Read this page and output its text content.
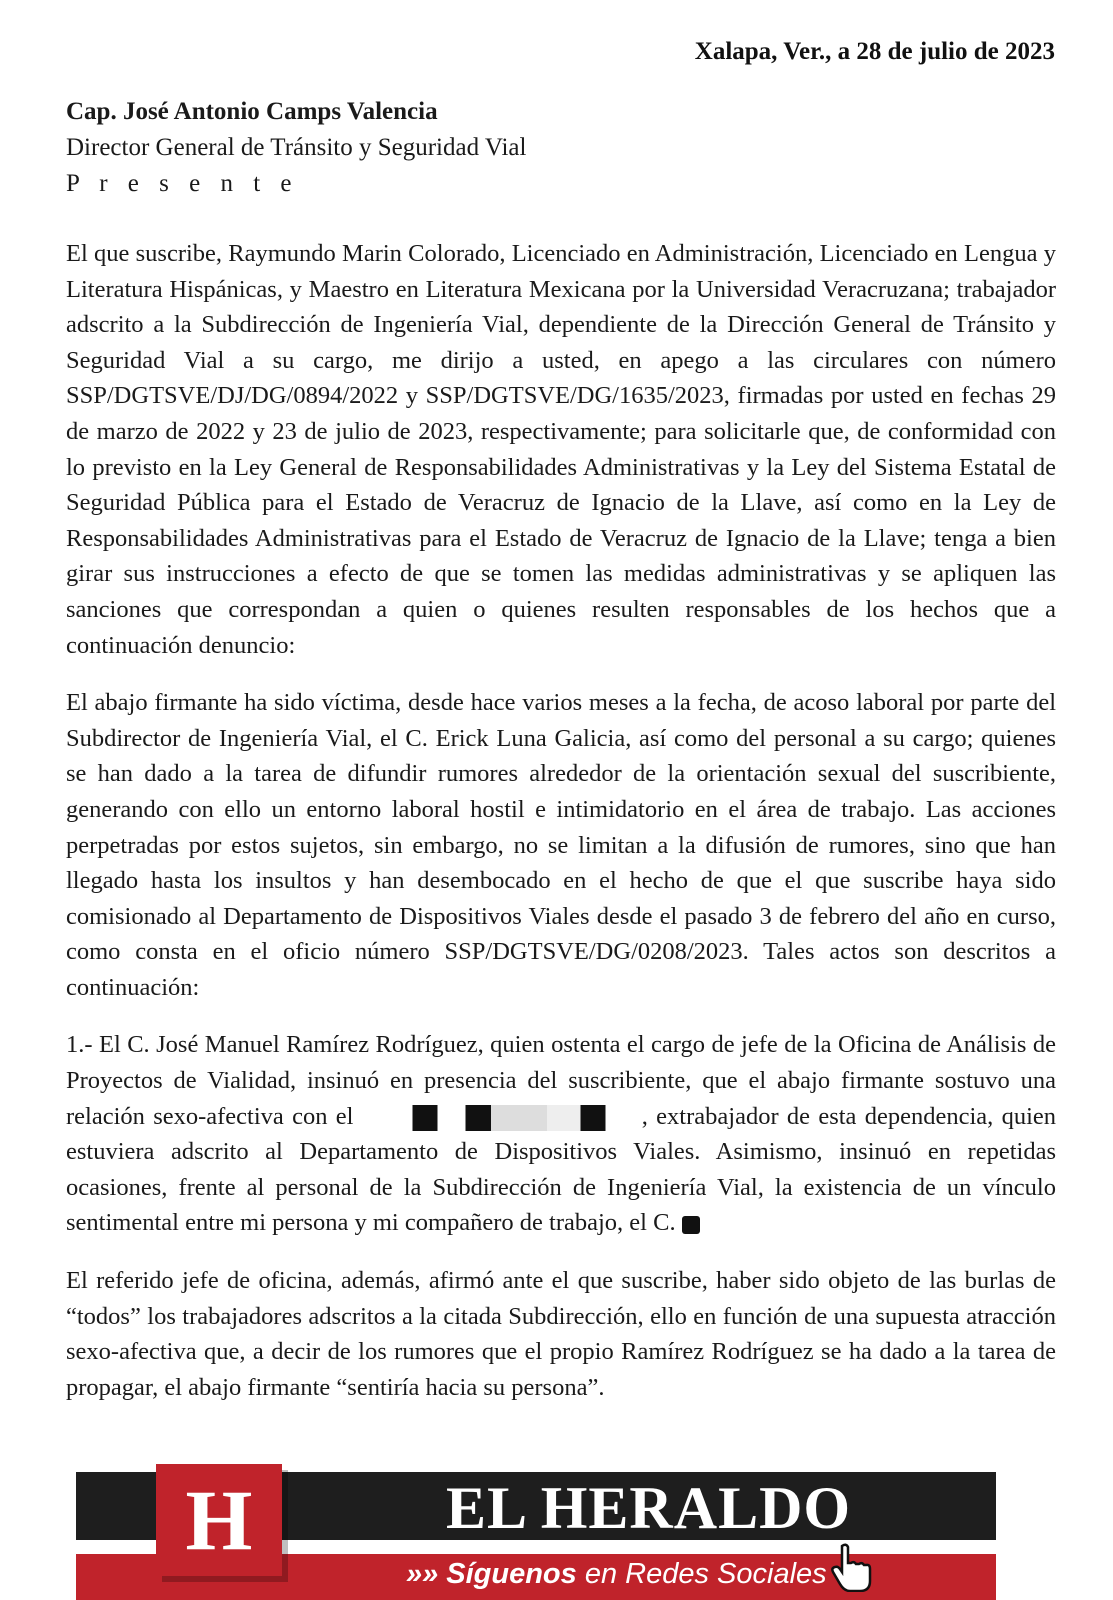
Xalapa, Ver., a 28 de julio de 2023
Cap. José Antonio Camps Valencia
Director General de Tránsito y Seguridad Vial
P r e s e n t e

El que suscribe, Raymundo Marin Colorado, Licenciado en Administración, Licenciado en Lengua y Literatura Hispánicas, y Maestro en Literatura Mexicana por la Universidad Veracruzana; trabajador adscrito a la Subdirección de Ingeniería Vial, dependiente de la Dirección General de Tránsito y Seguridad Vial a su cargo, me dirijo a usted, en apego a las circulares con número SSP/DGTSVE/DJ/DG/0894/2022 y SSP/DGTSVE/DG/1635/2023, firmadas por usted en fechas 29 de marzo de 2022 y 23 de julio de 2023, respectivamente; para solicitarle que, de conformidad con lo previsto en la Ley General de Responsabilidades Administrativas y la Ley del Sistema Estatal de Seguridad Pública para el Estado de Veracruz de Ignacio de la Llave, así como en la Ley de Responsabilidades Administrativas para el Estado de Veracruz de Ignacio de la Llave; tenga a bien girar sus instrucciones a efecto de que se tomen las medidas administrativas y se apliquen las sanciones que correspondan a quien o quienes resulten responsables de los hechos que a continuación denuncio:

El abajo firmante ha sido víctima, desde hace varios meses a la fecha, de acoso laboral por parte del Subdirector de Ingeniería Vial, el C. Erick Luna Galicia, así como del personal a su cargo; quienes se han dado a la tarea de difundir rumores alrededor de la orientación sexual del suscribiente, generando con ello un entorno laboral hostil e intimidatorio en el área de trabajo. Las acciones perpetradas por estos sujetos, sin embargo, no se limitan a la difusión de rumores, sino que han llegado hasta los insultos y han desembocado en el hecho de que el que suscribe haya sido comisionado al Departamento de Dispositivos Viales desde el pasado 3 de febrero del año en curso, como consta en el oficio número SSP/DGTSVE/DG/0208/2023. Tales actos son descritos a continuación:

1.- El C. José Manuel Ramírez Rodríguez, quien ostenta el cargo de jefe de la Oficina de Análisis de Proyectos de Vialidad, insinuó en presencia del suscribiente, que el abajo firmante sostuvo una relación sexo-afectiva con el	, extrabajador de esta dependencia, quien estuviera adscrito al Departamento de Dispositivos Viales. Asimismo, insinuó en repetidas ocasiones, frente al personal de la Subdirección de Ingeniería Vial, la existencia de un vínculo sentimental entre mi persona y mi compañero de trabajo, el C.

El referido jefe de oficina, además, afirmó ante el que suscribe, haber sido objeto de las burlas de “todos” los trabajadores adscritos a la citada Subdirección, ello en función de una supuesta atracción sexo-afectiva que, a decir de los rumores que el propio Ramírez Rodríguez se ha dado a la tarea de propagar, el abajo firmante “sentiría hacia su persona”.

H	EL HERALDO
»» Síguenos en Redes Sociales
